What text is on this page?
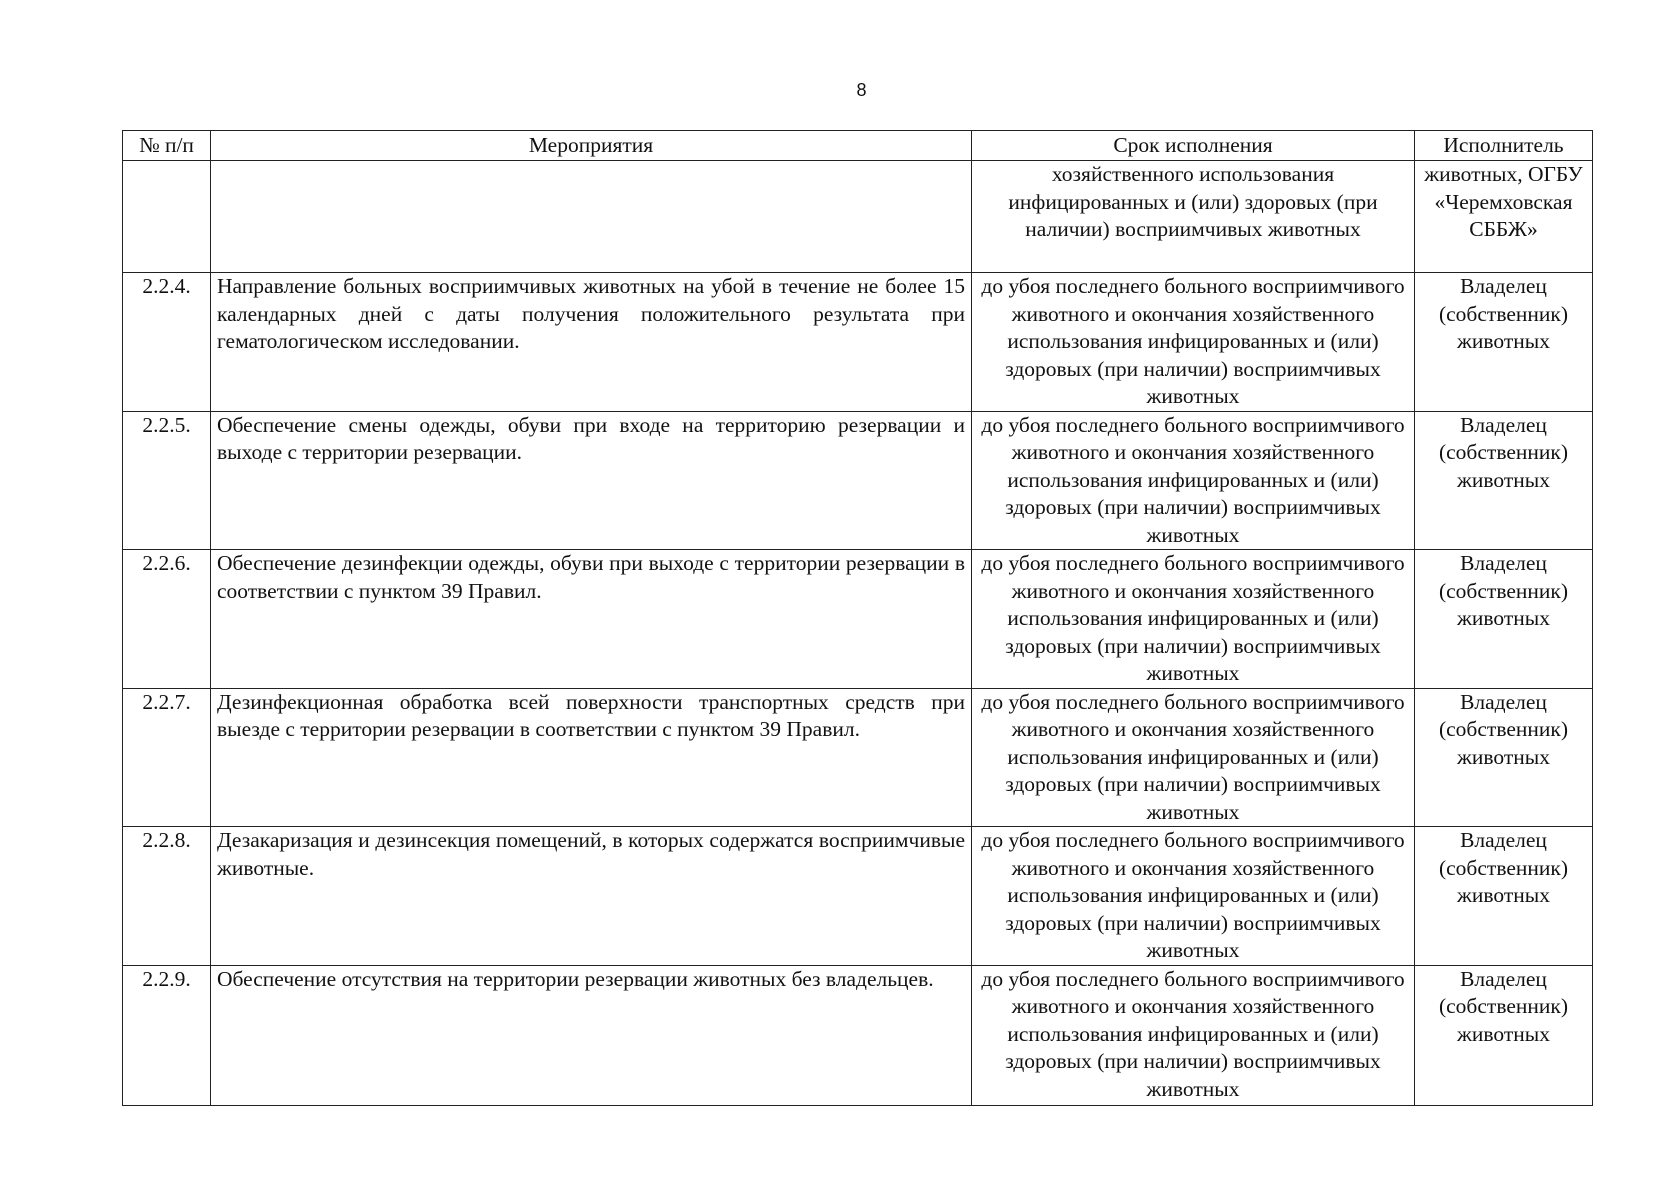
8
№ п/п	Мероприятия	Срок исполнения	Исполнитель
		хозяйственного использования инфицированных и (или) здоровых (при наличии) восприимчивых животных	животных, ОГБУ «Черемховская СББЖ»
2.2.4.	Направление больных восприимчивых животных на убой в течение не более 15 календарных дней с даты получения положительного результата при гематологическом исследовании.	до убоя последнего больного восприимчивого животного и окончания хозяйственного использования инфицированных и (или) здоровых (при наличии) восприимчивых животных	Владелец (собственник) животных
2.2.5.	Обеспечение смены одежды, обуви при входе на территорию резервации и выходе с территории резервации.	до убоя последнего больного восприимчивого животного и окончания хозяйственного использования инфицированных и (или) здоровых (при наличии) восприимчивых животных	Владелец (собственник) животных
2.2.6.	Обеспечение дезинфекции одежды, обуви при выходе с территории резервации в соответствии с пунктом 39 Правил.	до убоя последнего больного восприимчивого животного и окончания хозяйственного использования инфицированных и (или) здоровых (при наличии) восприимчивых животных	Владелец (собственник) животных
2.2.7.	Дезинфекционная обработка всей поверхности транспортных средств при выезде с территории резервации в соответствии с пунктом 39 Правил.	до убоя последнего больного восприимчивого животного и окончания хозяйственного использования инфицированных и (или) здоровых (при наличии) восприимчивых животных	Владелец (собственник) животных
2.2.8.	Дезакаризация и дезинсекция помещений, в которых содержатся восприимчивые животные.	до убоя последнего больного восприимчивого животного и окончания хозяйственного использования инфицированных и (или) здоровых (при наличии) восприимчивых животных	Владелец (собственник) животных
2.2.9.	Обеспечение отсутствия на территории резервации животных без владельцев.	до убоя последнего больного восприимчивого животного и окончания хозяйственного использования инфицированных и (или) здоровых (при наличии) восприимчивых животных	Владелец (собственник) животных
